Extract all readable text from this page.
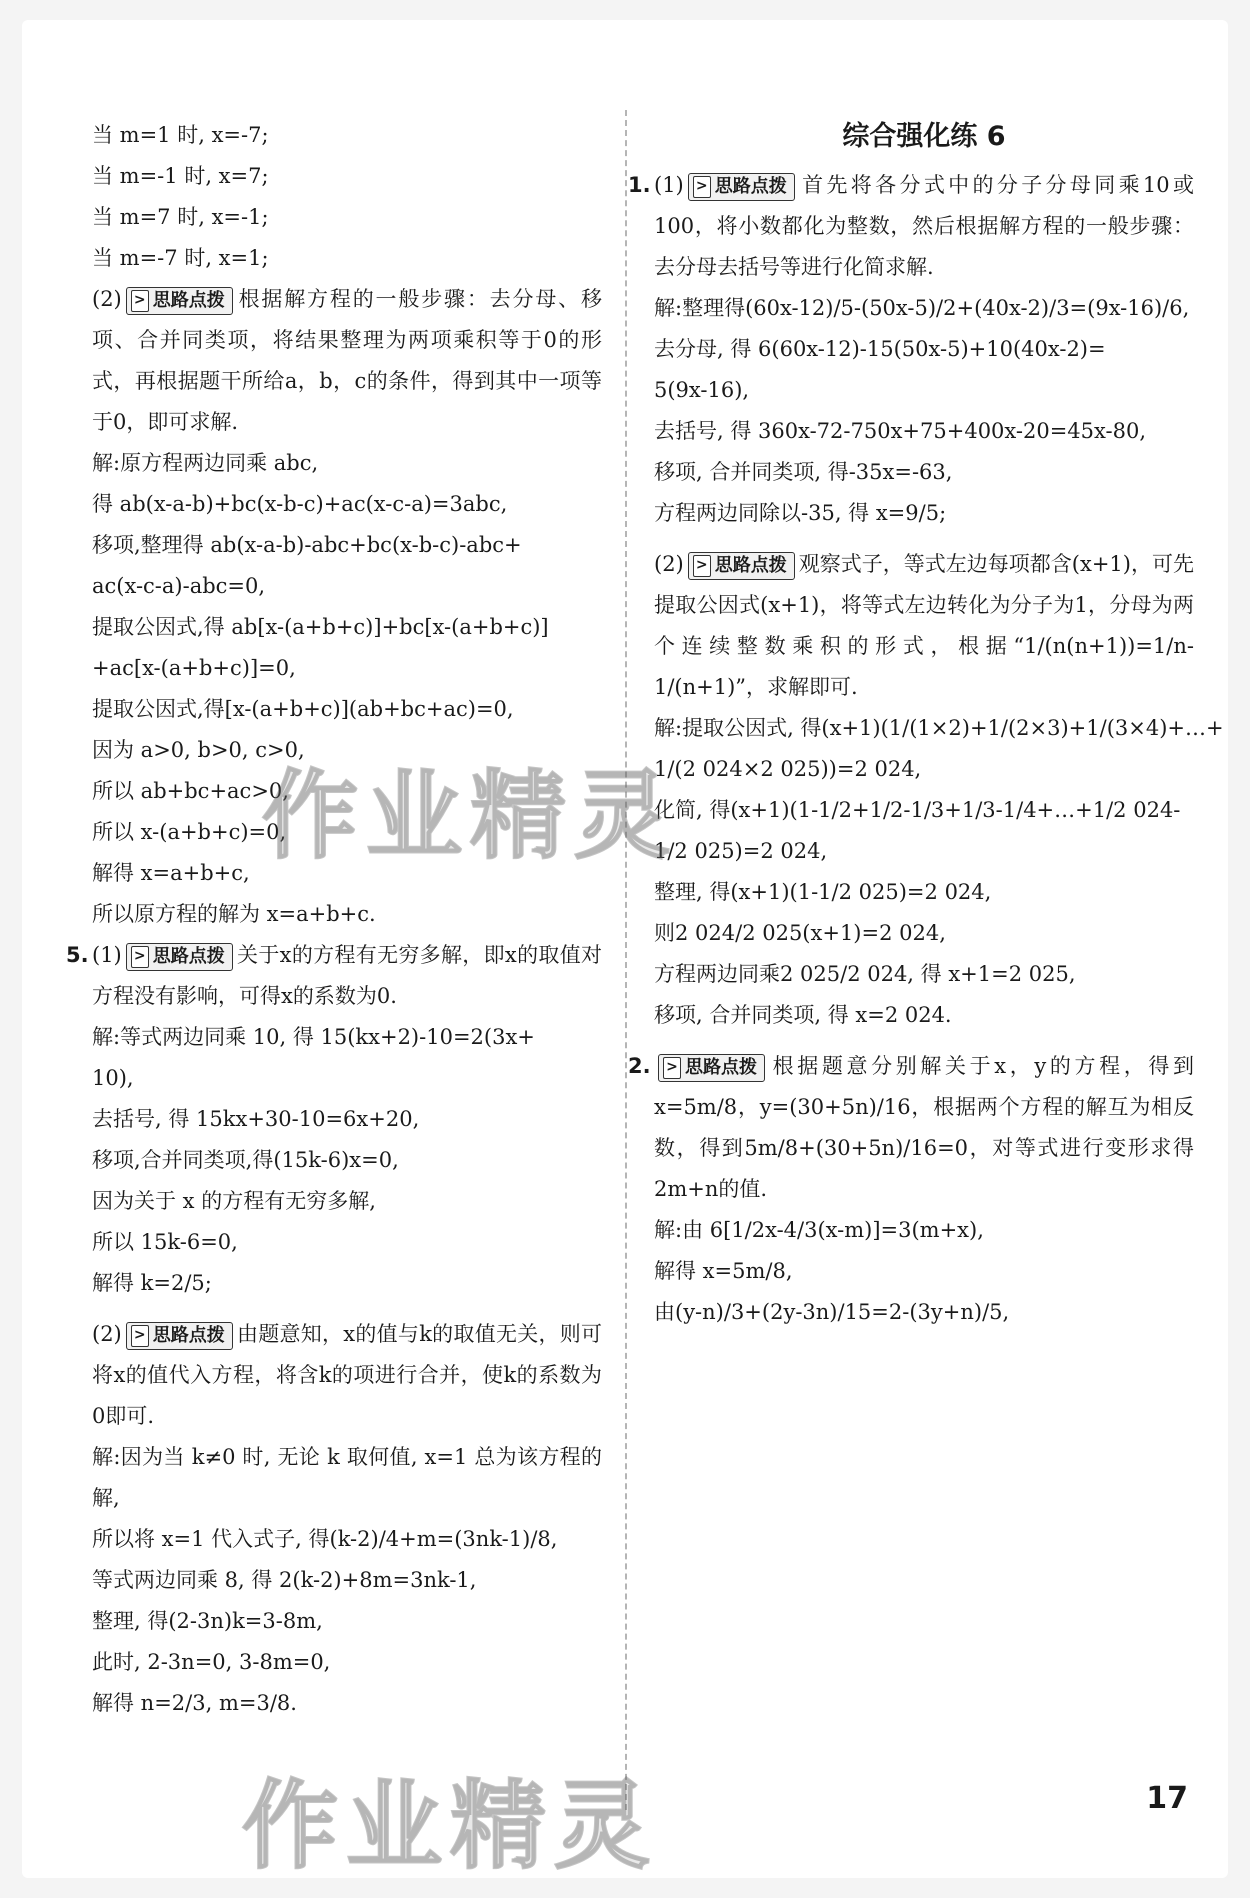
当 m=1 时, x=-7;
当 m=-1 时, x=7;
当 m=7 时, x=-1;
当 m=-7 时, x=1;
(2) > 思路点拨 根据解方程的一般步骤：去分母、移项、合并同类项，将结果整理为两项乘积等于0的形式，再根据题干所给a，b，c的条件，得到其中一项等于0，即可求解.
解:原方程两边同乘 abc,
得 ab(x-a-b)+bc(x-b-c)+ac(x-c-a)=3abc,
移项,整理得 ab(x-a-b)-abc+bc(x-b-c)-abc+
ac(x-c-a)-abc=0,
提取公因式,得 ab[x-(a+b+c)]+bc[x-(a+b+c)]
+ac[x-(a+b+c)]=0,
提取公因式,得[x-(a+b+c)](ab+bc+ac)=0,
因为 a>0, b>0, c>0,
所以 ab+bc+ac>0,
所以 x-(a+b+c)=0,
解得 x=a+b+c,
所以原方程的解为 x=a+b+c.
5. (1) > 思路点拨 关于x的方程有无穷多解，即x的取值对方程没有影响，可得x的系数为0.
解:等式两边同乘 10, 得 15(kx+2)-10=2(3x+
10),
去括号, 得 15kx+30-10=6x+20,
移项,合并同类项,得(15k-6)x=0,
因为关于 x 的方程有无穷多解,
所以 15k-6=0,
解得 k=2/5;
(2) > 思路点拨 由题意知，x的值与k的取值无关，则可将x的值代入方程，将含k的项进行合并，使k的系数为0即可.
解:因为当 k≠0 时, 无论 k 取何值, x=1 总为该方程的解,
所以将 x=1 代入式子, 得(k-2)/4+m=(3nk-1)/8,
等式两边同乘 8, 得 2(k-2)+8m=3nk-1,
整理, 得(2-3n)k=3-8m,
此时, 2-3n=0, 3-8m=0,
解得 n=2/3, m=3/8.
综合强化练 6
1. (1) > 思路点拨 首先将各分式中的分子分母同乘10或100，将小数都化为整数，然后根据解方程的一般步骤：去分母去括号等进行化简求解.
解:整理得(60x-12)/5-(50x-5)/2+(40x-2)/3=(9x-16)/6,
去分母, 得 6(60x-12)-15(50x-5)+10(40x-2)=
5(9x-16),
去括号, 得 360x-72-750x+75+400x-20=45x-80,
移项, 合并同类项, 得-35x=-63,
方程两边同除以-35, 得 x=9/5;
(2) > 思路点拨 观察式子，等式左边每项都含(x+1)，可先提取公因式(x+1)，将等式左边转化为分子为1，分母为两个连续整数乘积的形式，根据“1/(n(n+1))=1/n-1/(n+1)”，求解即可.
解:提取公因式, 得(x+1)(1/(1×2)+1/(2×3)+1/(3×4)+…+
1/(2 024×2 025))=2 024,
化简, 得(x+1)(1-1/2+1/2-1/3+1/3-1/4+…+1/2 024-
1/2 025)=2 024,
整理, 得(x+1)(1-1/2 025)=2 024,
则2 024/2 025(x+1)=2 024,
方程两边同乘2 025/2 024, 得 x+1=2 025,
移项, 合并同类项, 得 x=2 024.
2. > 思路点拨 根据题意分别解关于x，y的方程，得到x=5m/8，y=(30+5n)/16，根据两个方程的解互为相反数，得到5m/8+(30+5n)/16=0，对等式进行变形求得2m+n的值.
解:由 6[1/2x-4/3(x-m)]=3(m+x),
解得 x=5m/8,
由(y-n)/3+(2y-3n)/15=2-(3y+n)/5,
作业精灵
作业精灵	17
